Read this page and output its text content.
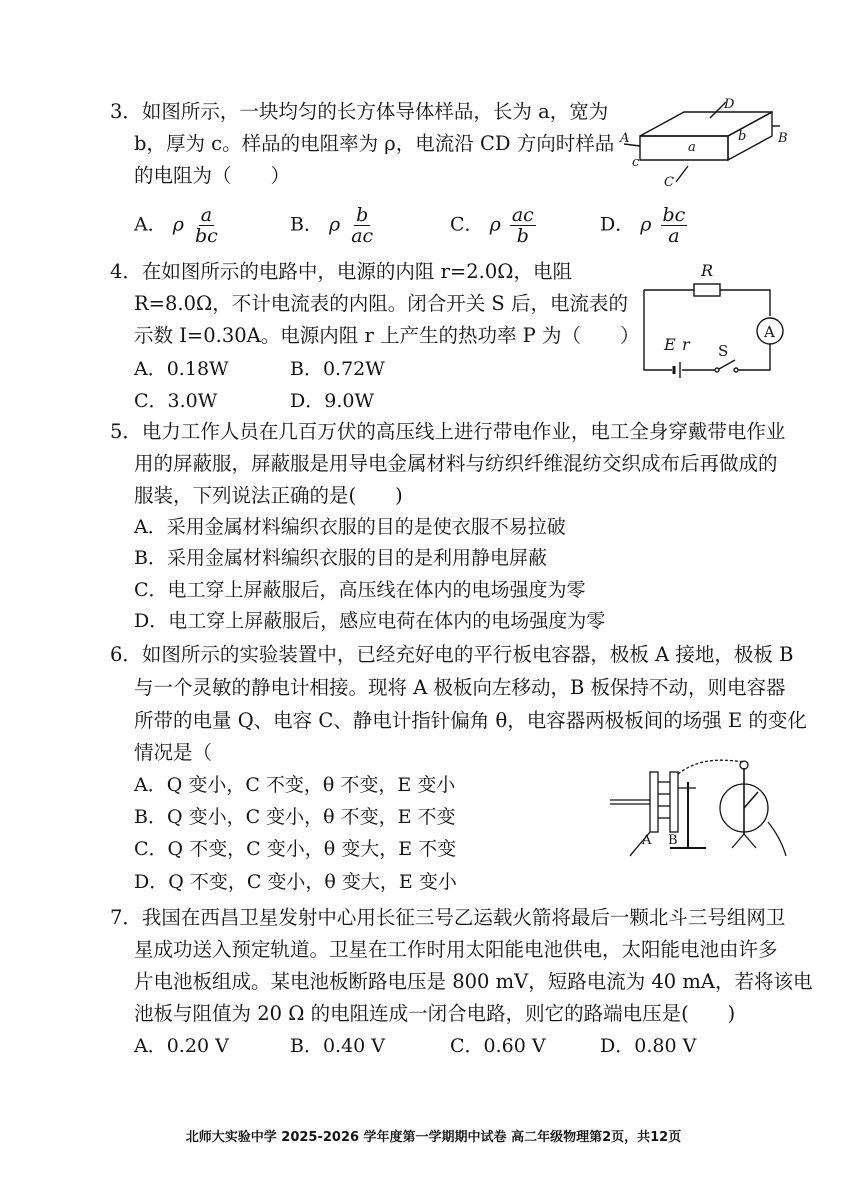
3．如图所示，一块均匀的长方体导体样品，长为 a，宽为
b，厚为 c。样品的电阻率为 ρ，电流沿 CD 方向时样品
的电阻为（　　）
A． ρ $\frac{a}{bc}$	B． ρ $\frac{b}{ac}$	C． ρ $\frac{ac}{b}$	D． ρ $\frac{bc}{a}$
D
A	B
C
a
b
c
4．在如图所示的电路中，电源的内阻 r=2.0Ω，电阻
R=8.0Ω，不计电流表的内阻。闭合开关 S 后，电流表的
示数 I=0.30A。电源内阻 r 上产生的热功率 P 为（　　）
A．0.18W	B．0.72W
C．3.0W	D．9.0W
R
E r
A
S
5．电力工作人员在几百万伏的高压线上进行带电作业，电工全身穿戴带电作业
用的屏蔽服，屏蔽服是用导电金属材料与纺织纤维混纺交织成布后再做成的
服装，下列说法正确的是(　　)
A．采用金属材料编织衣服的目的是使衣服不易拉破
B．采用金属材料编织衣服的目的是利用静电屏蔽
C．电工穿上屏蔽服后，高压线在体内的电场强度为零
D．电工穿上屏蔽服后，感应电荷在体内的电场强度为零
6．如图所示的实验装置中，已经充好电的平行板电容器，极板 A 接地，极板 B
与一个灵敏的静电计相接。现将 A 极板向左移动，B 板保持不动，则电容器
所带的电量 Q、电容 C、静电计指针偏角 θ，电容器两极板间的场强 E 的变化
情况是（
A．Q 变小，C 不变，θ 不变，E 变小
B．Q 变小，C 变小，θ 不变，E 不变
C．Q 不变，C 变小，θ 变大，E 不变
D．Q 不变，C 变小，θ 变大，E 变小
A B
7．我国在西昌卫星发射中心用长征三号乙运载火箭将最后一颗北斗三号组网卫
星成功送入预定轨道。卫星在工作时用太阳能电池供电，太阳能电池由许多
片电池板组成。某电池板断路电压是 800 mV，短路电流为 40 mA，若将该电
池板与阻值为 20 Ω 的电阻连成一闭合电路，则它的路端电压是(　　)
A．0.20 V	B．0.40 V	C．0.60 V	D．0.80 V
北师大实验中学 2025-2026 学年度第一学期期中试卷 高二年级物理第2页，共12页
